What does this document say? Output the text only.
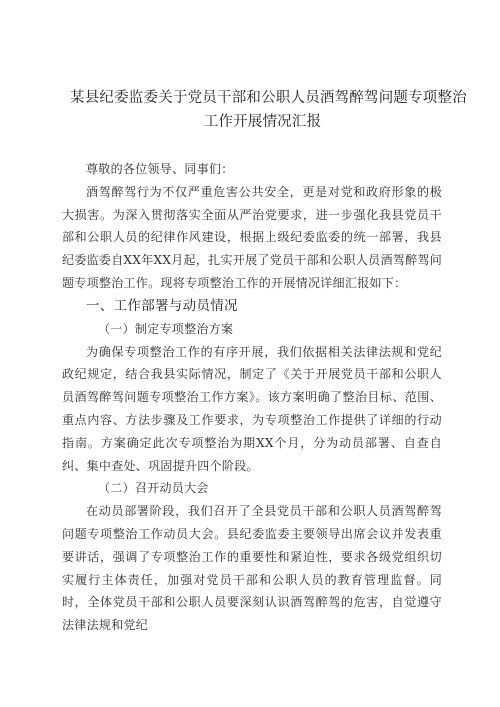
某县纪委监委关于党员干部和公职人员酒驾醉驾问题专项整治
工作开展情况汇报

尊敬的各位领导、同事们：

酒驾醉驾行为不仅严重危害公共安全，更是对党和政府形象的极大损害。为深入贯彻落实全面从严治党要求，进一步强化我县党员干部和公职人员的纪律作风建设，根据上级纪委监委的统一部署，我县纪委监委自XX年XX月起，扎实开展了党员干部和公职人员酒驾醉驾问题专项整治工作。现将专项整治工作的开展情况详细汇报如下：

一、工作部署与动员情况

（一）制定专项整治方案

为确保专项整治工作的有序开展，我们依据相关法律法规和党纪政纪规定，结合我县实际情况，制定了《关于开展党员干部和公职人员酒驾醉驾问题专项整治工作方案》。该方案明确了整治目标、范围、重点内容、方法步骤及工作要求，为专项整治工作提供了详细的行动指南。方案确定此次专项整治为期XX个月，分为动员部署、自查自纠、集中查处、巩固提升四个阶段。

（二）召开动员大会

在动员部署阶段，我们召开了全县党员干部和公职人员酒驾醉驾问题专项整治工作动员大会。县纪委监委主要领导出席会议并发表重要讲话，强调了专项整治工作的重要性和紧迫性，要求各级党组织切实履行主体责任，加强对党员干部和公职人员的教育管理监督。同时，全体党员干部和公职人员要深刻认识酒驾醉驾的危害，自觉遵守法律法规和党纪
